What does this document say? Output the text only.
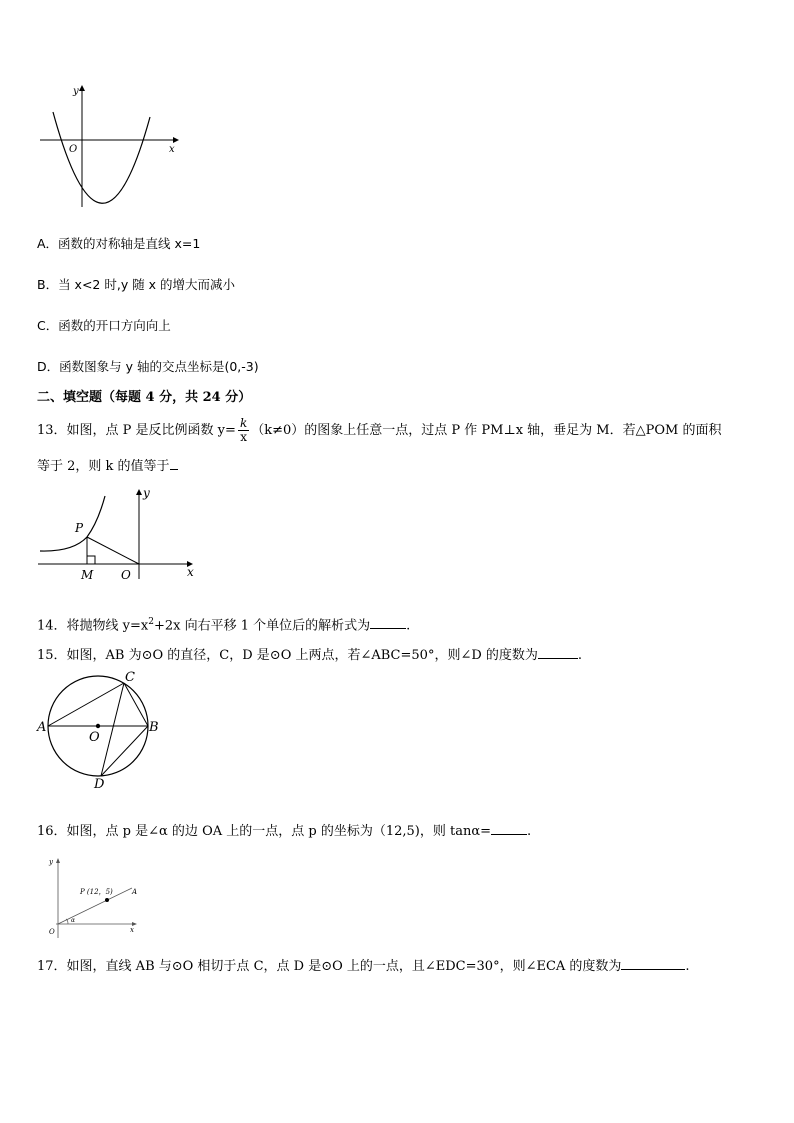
y
x
O
A．函数的对称轴是直线 x=1
B．当 x<2 时,y 随 x 的增大而减小
C．函数的开口方向向上
D．函数图象与 y 轴的交点坐标是(0,-3)
二、填空题（每题 4 分，共 24 分）
13．如图，点 P 是反比例函数 $y= \frac{k}{x} (k\ne 0)$的图象上任意一点，过点 P 作 PM⊥x 轴，垂足为 M．若△POM 的面积
等于 2，则 k 的值等于
P
M O	x
y
14．将抛物线 $y=x^2+2x$ 向右平移 1 个单位后的解析式为	.
15．如图，AB 为⊙O 的直径，C，D 是⊙O 上两点，若∠ABC=50°，则∠D 的度数为	.
A	B
C
D
O
16．如图，点 p 是∠α 的边 OA 上的一点，点 p 的坐标为（12,5)，则 tanα=	.
P (12，5)	A
O	x
y
α
17．如图，直线 AB 与⊙O 相切于点 C，点 D 是⊙O 上的一点，且∠EDC=30°，则∠ECA 的度数为	.
